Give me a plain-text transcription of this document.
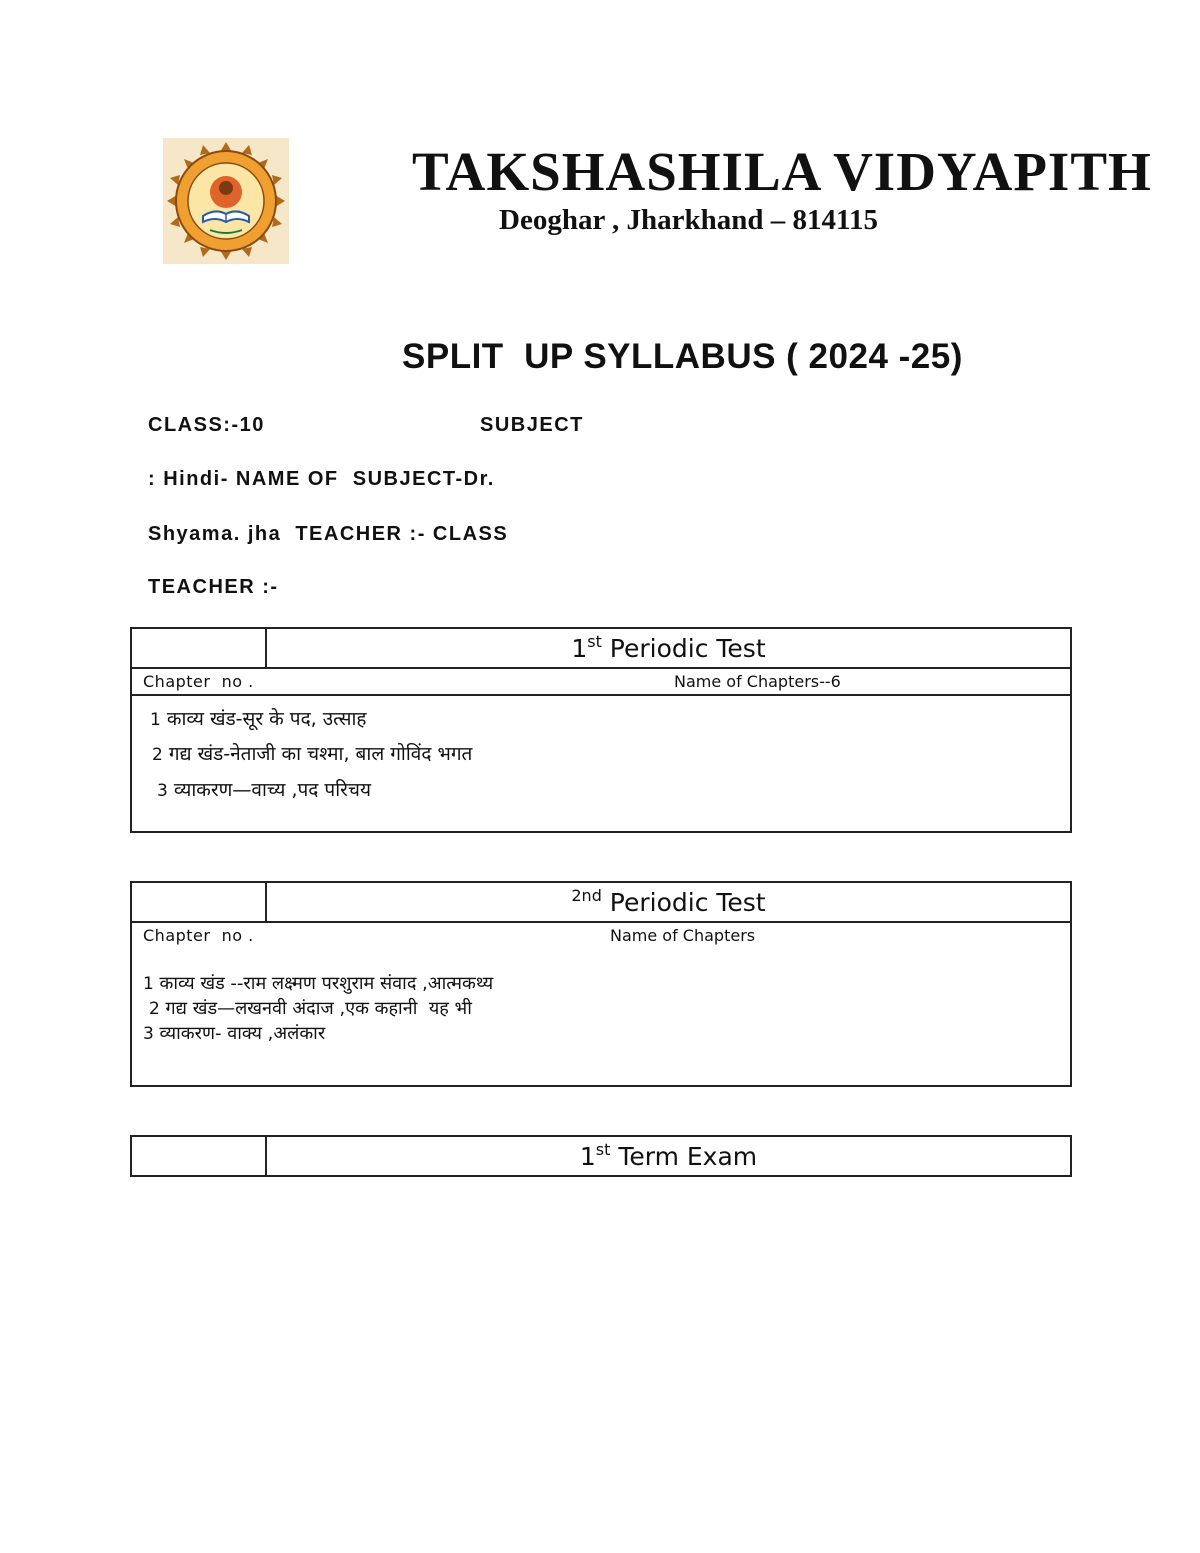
TAKSHASHILA VIDYAPITH
Deoghar , Jharkhand – 814115
SPLIT  UP SYLLABUS ( 2024 -25)
CLASS:-10	SUBJECT
: Hindi- NAME OF  SUBJECT-Dr.
Shyama. jha  TEACHER :- CLASS
TEACHER :-
1st Periodic Test
Chapter  no .	Name of Chapters--6
1 काव्य खंड-सूर के पद, उत्साह
2 गद्य खंड-नेताजी का चश्मा, बाल गोविंद भगत
3 व्याकरण—वाच्य ,पद परिचय
$^{2nd}$ Periodic Test
Chapter  no .	Name of Chapters
1 काव्य खंड --राम लक्ष्मण परशुराम संवाद ,आत्मकथ्य
2 गद्य खंड—लखनवी अंदाज ,एक कहानी  यह भी
3 व्याकरण- वाक्य ,अलंकार
1st Term Exam
